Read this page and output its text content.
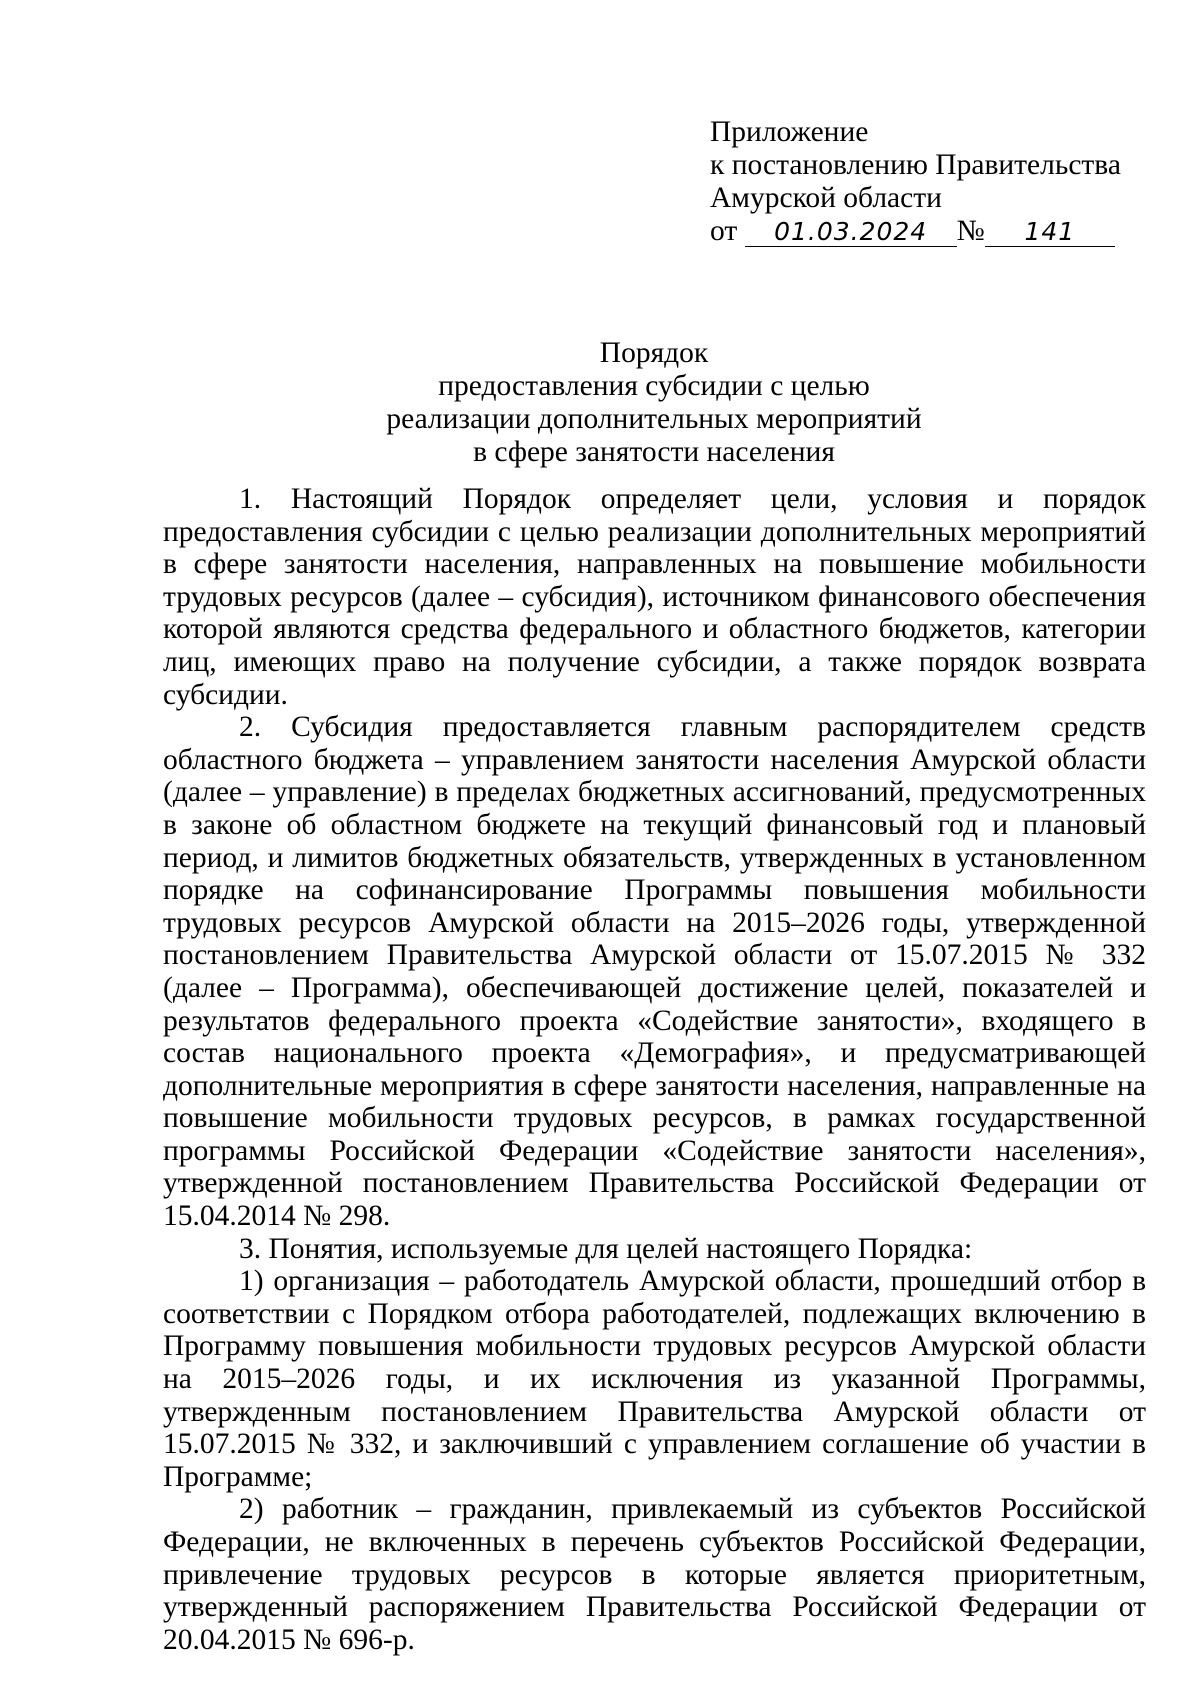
Приложение
к постановлению Правительства
Амурской области
от 01.03.2024 № 141
Порядок
предоставления субсидии с целью
реализации дополнительных мероприятий
в сфере занятости населения

1. Настоящий Порядок определяет цели, условия и порядок предоставления субсидии с целью реализации дополнительных мероприятий в сфере занятости населения, направленных на повышение мобильности трудовых ресурсов (далее – субсидия), источником финансового обеспечения которой являются средства федерального и областного бюджетов, категории лиц, имеющих право на получение субсидии, а также порядок возврата субсидии.

2. Субсидия предоставляется главным распорядителем средств областного бюджета – управлением занятости населения Амурской области (далее – управление) в пределах бюджетных ассигнований, предусмотренных в законе об областном бюджете на текущий финансовый год и плановый период, и лимитов бюджетных обязательств, утвержденных в установленном порядке на софинансирование Программы повышения мобильности трудовых ресурсов Амурской области на 2015–2026 годы, утвержденной постановлением Правительства Амурской области от 15.07.2015 № 332 (далее – Программа), обеспечивающей достижение целей, показателей и результатов федерального проекта «Содействие занятости», входящего в состав национального проекта «Демография», и предусматривающей дополнительные мероприятия в сфере занятости населения, направленные на повышение мобильности трудовых ресурсов, в рамках государственной программы Российской Федерации «Содействие занятости населения», утвержденной постановлением Правительства Российской Федерации от 15.04.2014 № 298.

3. Понятия, используемые для целей настоящего Порядка:

1) организация – работодатель Амурской области, прошедший отбор в соответствии с Порядком отбора работодателей, подлежащих включению в Программу повышения мобильности трудовых ресурсов Амурской области на 2015–2026 годы, и их исключения из указанной Программы, утвержденным постановлением Правительства Амурской области от 15.07.2015 № 332, и заключивший с управлением соглашение об участии в Программе;

2) работник – гражданин, привлекаемый из субъектов Российской Федерации, не включенных в перечень субъектов Российской Федерации, привлечение трудовых ресурсов в которые является приоритетным, утвержденный распоряжением Правительства Российской Федерации от 20.04.2015 № 696-р.
